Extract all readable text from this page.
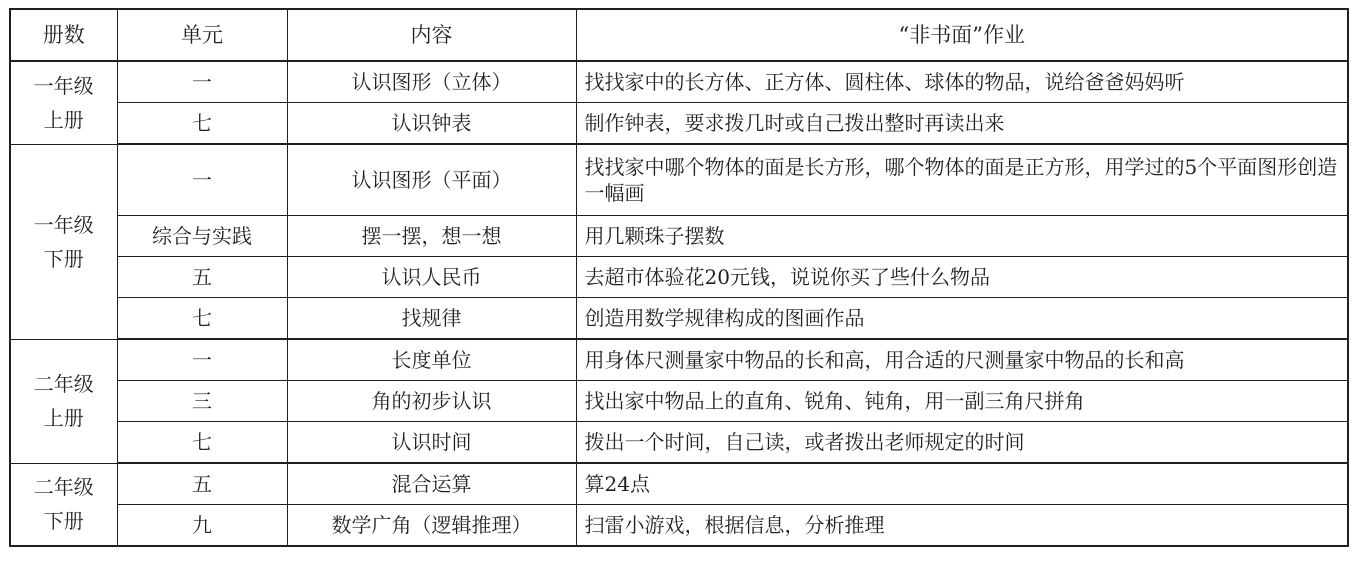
册数	单元	内容	“非书面”作业

一年级
上册	一	认识图形（立体）	找找家中的长方体、正方体、圆柱体、球体的物品，说给爸爸妈妈听
	七	认识钟表	制作钟表，要求拨几时或自己拨出整时再读出来

一年级
下册	一	认识图形（平面）	找找家中哪个物体的面是长方形，哪个物体的面是正方形，用学过的5个平面图形创造一幅画
	综合与实践	摆一摆，想一想	用几颗珠子摆数
	五	认识人民币	去超市体验花20元钱，说说你买了些什么物品
	七	找规律	创造用数学规律构成的图画作品

二年级
上册	一	长度单位	用身体尺测量家中物品的长和高，用合适的尺测量家中物品的长和高
	三	角的初步认识	找出家中物品上的直角、锐角、钝角，用一副三角尺拼角
	七	认识时间	拨出一个时间，自己读，或者拨出老师规定的时间

二年级
下册	五	混合运算	算24点
	九	数学广角（逻辑推理）	扫雷小游戏，根据信息，分析推理
